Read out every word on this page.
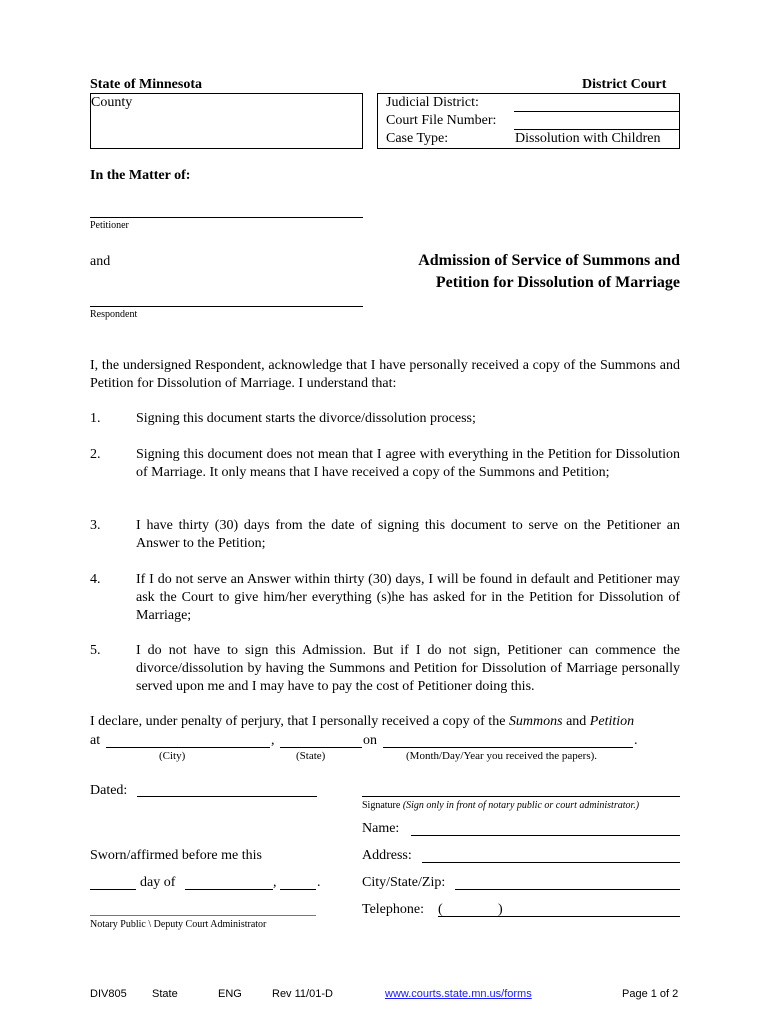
State of Minnesota	District Court
County	Judicial District:
Court File Number:
Case Type:	Dissolution with Children
In the Matter of:
Petitioner
and
Respondent
Admission of Service of Summons and
Petition for Dissolution of Marriage
I, the undersigned Respondent, acknowledge that I have personally received a copy of the Summons and Petition for Dissolution of Marriage. I understand that:
1.	Signing this document starts the divorce/dissolution process;
2.	Signing this document does not mean that I agree with everything in the Petition for Dissolution of Marriage. It only means that I have received a copy of the Summons and Petition;
3.	I have thirty (30) days from the date of signing this document to serve on the Petitioner an Answer to the Petition;
4.	If I do not serve an Answer within thirty (30) days, I will be found in default and Petitioner may ask the Court to give him/her everything (s)he has asked for in the Petition for Dissolution of Marriage;
5.	I do not have to sign this Admission. But if I do not sign, Petitioner can commence the divorce/dissolution by having the Summons and Petition for Dissolution of Marriage personally served upon me and I may have to pay the cost of Petitioner doing this.
I declare, under penalty of perjury, that I personally received a copy of the Summons and Petition
at	,	on	.
(City)	(State)	(Month/Day/Year you received the papers).
Dated:
Signature (Sign only in front of notary public or court administrator.)
Name:
Sworn/affirmed before me this	Address:
day of	,	.	City/State/Zip:
Telephone: (	)
Notary Public \ Deputy Court Administrator
DIV805 State	ENG	Rev 11/01-D	www.courts.state.mn.us/forms	Page 1 of 2
